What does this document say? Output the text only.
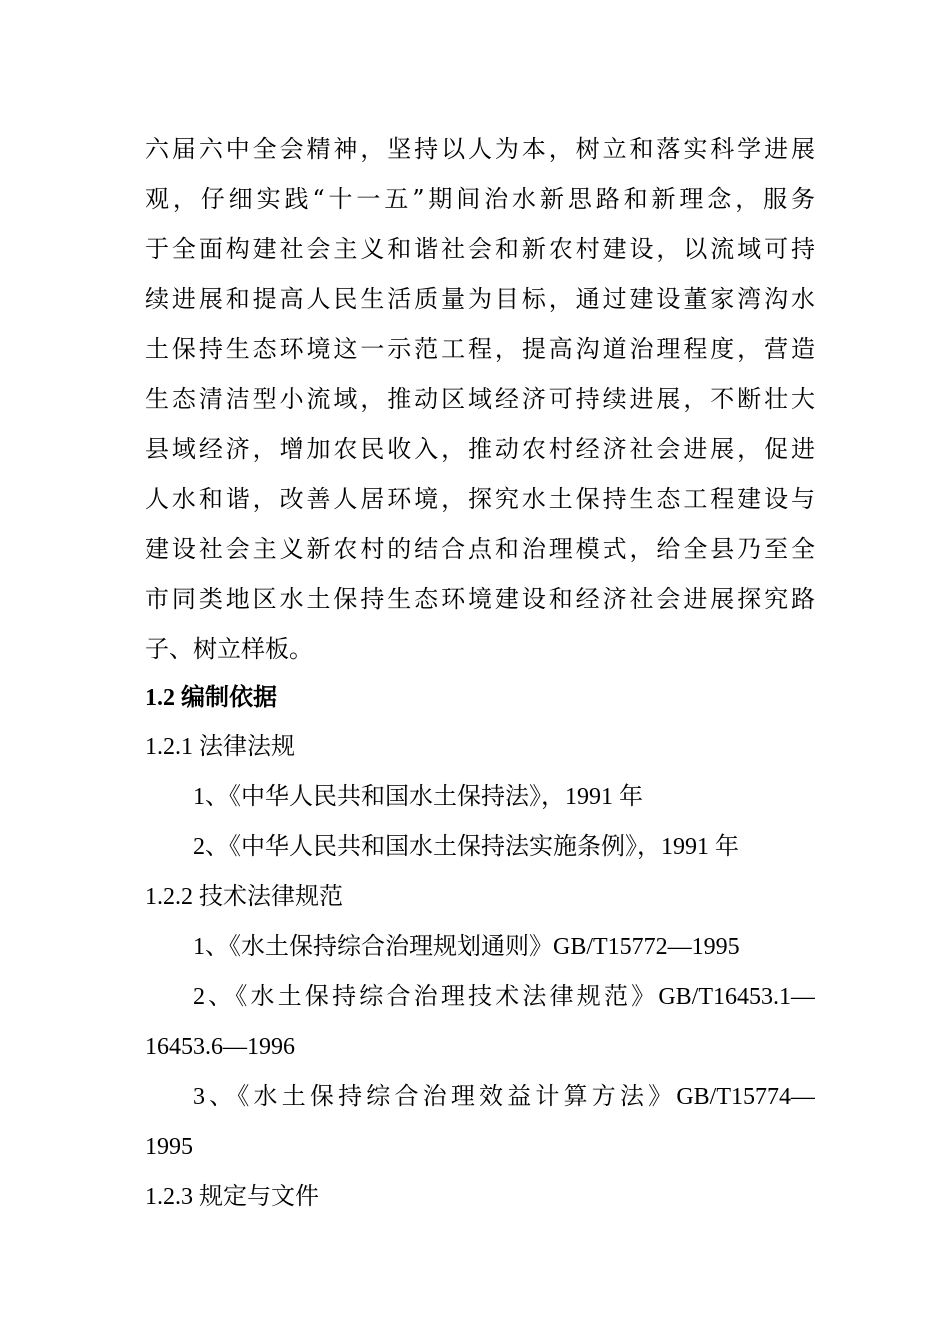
六届六中全会精神，坚持以人为本，树立和落实科学进展
观，仔细实践“十一五”期间治水新思路和新理念，服务
于全面构建社会主义和谐社会和新农村建设，以流域可持
续进展和提高人民生活质量为目标，通过建设董家湾沟水
土保持生态环境这一示范工程，提高沟道治理程度，营造
生态清洁型小流域，推动区域经济可持续进展，不断壮大
县域经济，增加农民收入，推动农村经济社会进展，促进
人水和谐，改善人居环境，探究水土保持生态工程建设与
建设社会主义新农村的结合点和治理模式，给全县乃至全
市同类地区水土保持生态环境建设和经济社会进展探究路
子、树立样板。
1.2 编制依据
1.2.1 法律法规
1、《中华人民共和国水土保持法》，1991 年
2、《中华人民共和国水土保持法实施条例》，1991 年
1.2.2 技术法律规范
1、《水土保持综合治理规划通则》GB/T15772—1995
2、《水土保持综合治理技术法律规范》GB/T16453.1—
16453.6—1996
3、《水土保持综合治理效益计算方法》GB/T15774—
1995
1.2.3 规定与文件
